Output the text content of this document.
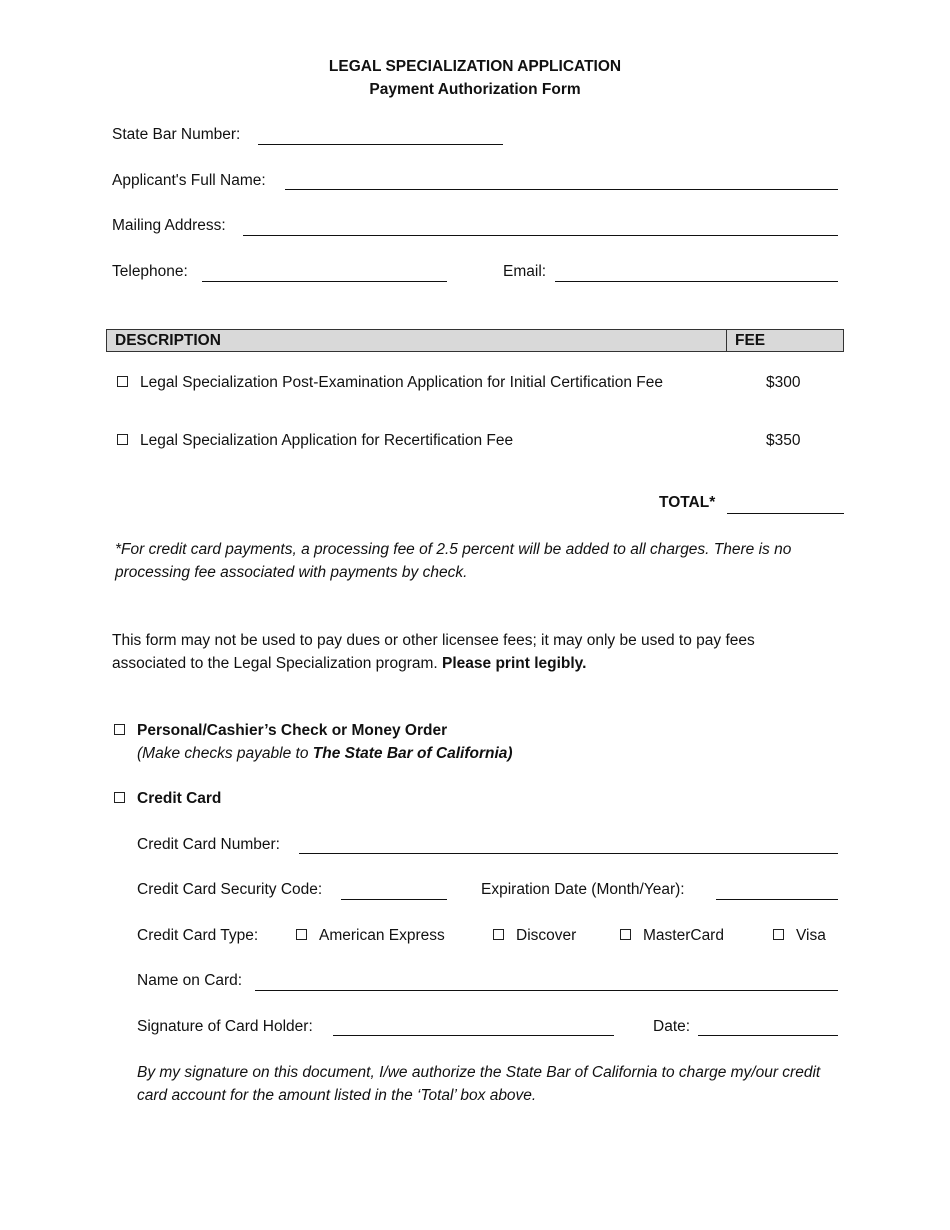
LEGAL SPECIALIZATION APPLICATION
Payment Authorization Form
State Bar Number:
Applicant's Full Name:
Mailing Address:
Telephone:	Email:
DESCRIPTION	FEE
Legal Specialization Post-Examination Application for Initial Certification Fee	$300
Legal Specialization Application for Recertification Fee	$350
TOTAL*
*For credit card payments, a processing fee of 2.5 percent will be added to all charges. There is no processing fee associated with payments by check.
This form may not be used to pay dues or other licensee fees; it may only be used to pay fees associated to the Legal Specialization program. Please print legibly.
Personal/Cashier’s Check or Money Order
(Make checks payable to The State Bar of California)
Credit Card
Credit Card Number:
Credit Card Security Code:	Expiration Date (Month/Year):
Credit Card Type:	American Express	Discover	MasterCard	Visa
Name on Card:
Signature of Card Holder:	Date:
By my signature on this document, I/we authorize the State Bar of California to charge my/our credit card account for the amount listed in the ‘Total’ box above.
